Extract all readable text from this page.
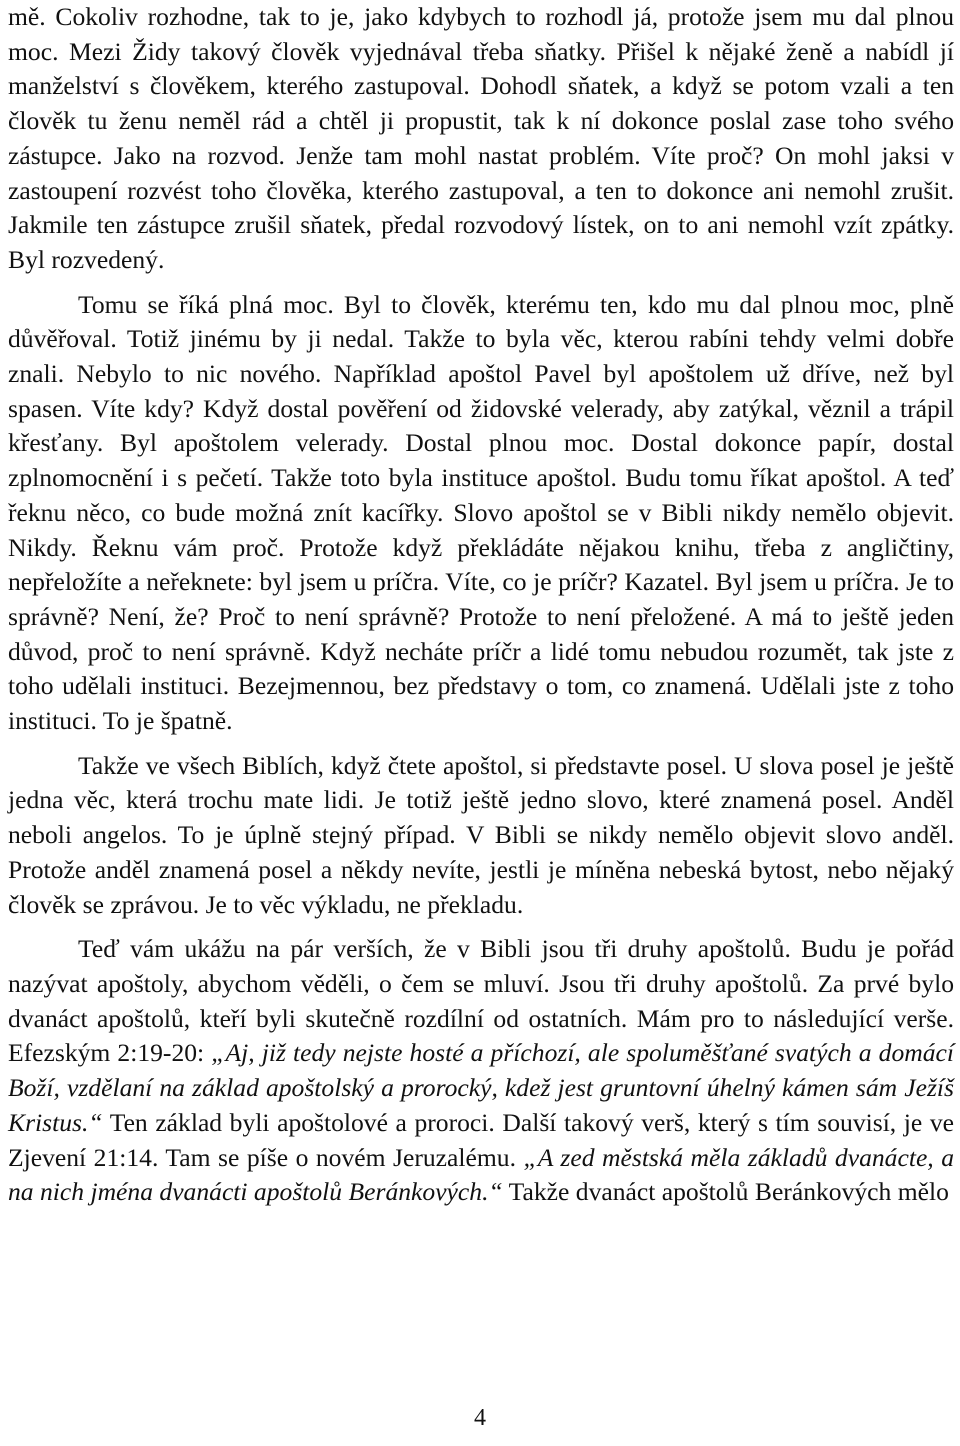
mě. Cokoliv rozhodne, tak to je, jako kdybych to rozhodl já, protože jsem mu dal plnou moc. Mezi Židy takový člověk vyjednával třeba sňatky. Přišel k nějaké ženě a nabídl jí manželství s člověkem, kterého zastupoval. Dohodl sňatek, a když se potom vzali a ten člověk tu ženu neměl rád a chtěl ji propustit, tak k ní dokonce poslal zase toho svého zástupce. Jako na rozvod. Jenže tam mohl nastat problém. Víte proč? On mohl jaksi v zastoupení rozvést toho člověka, kterého zastupoval, a ten to dokonce ani nemohl zrušit. Jakmile ten zástupce zrušil sňatek, předal rozvodový lístek, on to ani nemohl vzít zpátky. Byl rozvedený.

Tomu se říká plná moc. Byl to člověk, kterému ten, kdo mu dal plnou moc, plně důvěřoval. Totiž jinému by ji nedal. Takže to byla věc, kterou rabíni tehdy velmi dobře znali. Nebylo to nic nového. Například apoštol Pavel byl apoštolem už dříve, než byl spasen. Víte kdy? Když dostal pověření od židovské velerady, aby zatýkal, věznil a trápil křesťany. Byl apoštolem velerady. Dostal plnou moc. Dostal dokonce papír, dostal zplnomocnění i s pečetí. Takže toto byla instituce apoštol. Budu tomu říkat apoštol. A teď řeknu něco, co bude možná znít kacířky. Slovo apoštol se v Bibli nikdy nemělo objevit. Nikdy. Řeknu vám proč. Protože když překládáte nějakou knihu, třeba z angličtiny, nepřeložíte a neřeknete: byl jsem u príčra. Víte, co je príčr? Kazatel. Byl jsem u príčra. Je to správně? Není, že? Proč to není správně? Protože to není přeložené. A má to ještě jeden důvod, proč to není správně. Když necháte príčr a lidé tomu nebudou rozumět, tak jste z toho udělali instituci. Bezejmennou, bez představy o tom, co znamená. Udělali jste z toho instituci. To je špatně.

Takže ve všech Biblích, když čtete apoštol, si představte posel. U slova posel je ještě jedna věc, která trochu mate lidi. Je totiž ještě jedno slovo, které znamená posel. Anděl neboli angelos. To je úplně stejný případ. V Bibli se nikdy nemělo objevit slovo anděl. Protože anděl znamená posel a někdy nevíte, jestli je míněna nebeská bytost, nebo nějaký člověk se zprávou. Je to věc výkladu, ne překladu.

Teď vám ukážu na pár verších, že v Bibli jsou tři druhy apoštolů. Budu je pořád nazývat apoštoly, abychom věděli, o čem se mluví. Jsou tři druhy apoštolů. Za prvé bylo dvanáct apoštolů, kteří byli skutečně rozdílní od ostatních. Mám pro to následující verše. Efezským 2:19-20: „Aj, již tedy nejste hosté a příchozí, ale spoluměšťané svatých a domácí Boží, vzdělaní na základ apoštolský a prorocký, kdež jest gruntovní úhelný kámen sám Ježíš Kristus.“ Ten základ byli apoštolové a proroci. Další takový verš, který s tím souvisí, je ve Zjevení 21:14. Tam se píše o novém Jeruzalému. „A zed městská měla základů dvanácte, a na nich jména dvanácti apoštolů Beránkových.“ Takže dvanáct apoštolů Beránkových mělo

4
